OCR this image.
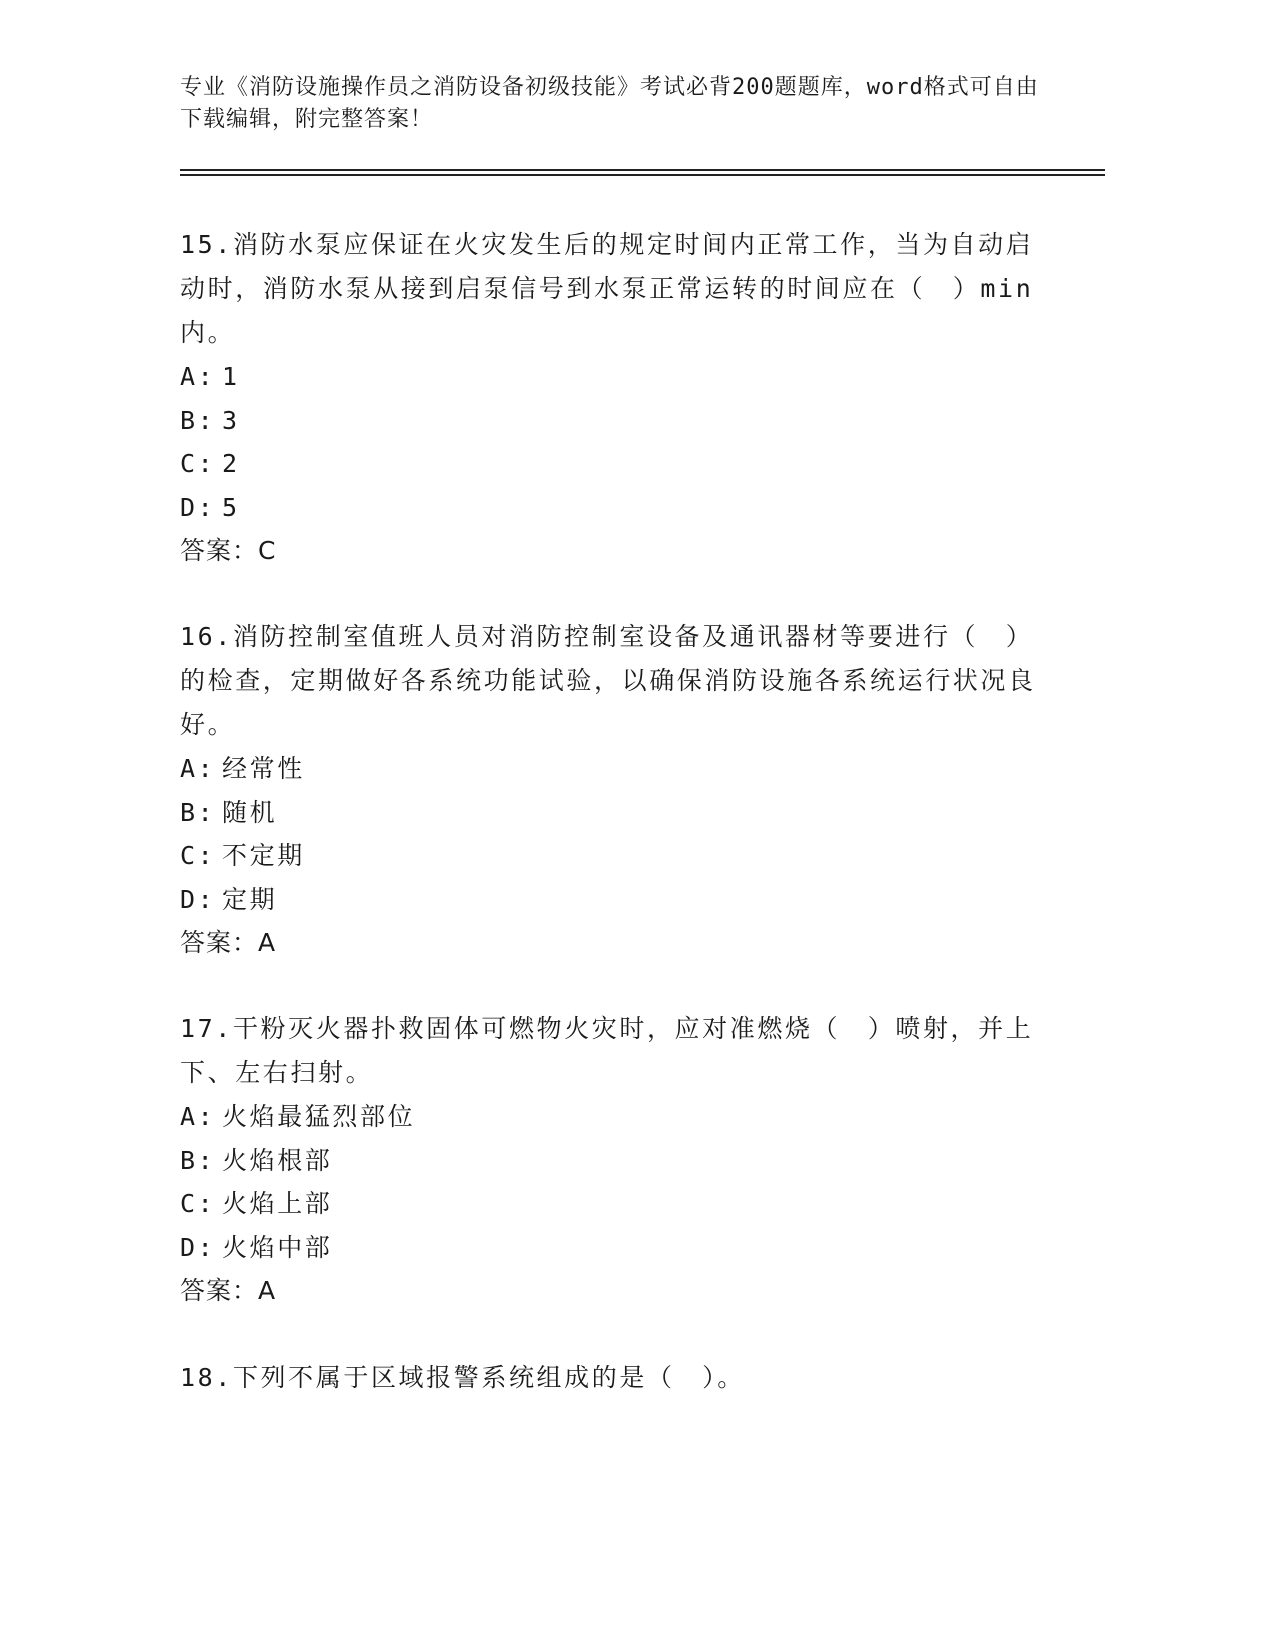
专业《消防设施操作员之消防设备初级技能》考试必背200题题库，word格式可自由下载编辑，附完整答案！

15.消防水泵应保证在火灾发生后的规定时间内正常工作，当为自动启动时，消防水泵从接到启泵信号到水泵正常运转的时间应在（　）min内。

A: 1

B: 3

C: 2

D: 5

答案：C

16.消防控制室值班人员对消防控制室设备及通讯器材等要进行（　）的检查，定期做好各系统功能试验，以确保消防设施各系统运行状况良好。

A: 经常性

B: 随机

C: 不定期

D: 定期

答案：A

17.干粉灭火器扑救固体可燃物火灾时，应对准燃烧（　）喷射，并上下、左右扫射。

A: 火焰最猛烈部位

B: 火焰根部

C: 火焰上部

D: 火焰中部

答案：A

18.下列不属于区域报警系统组成的是（　）。
